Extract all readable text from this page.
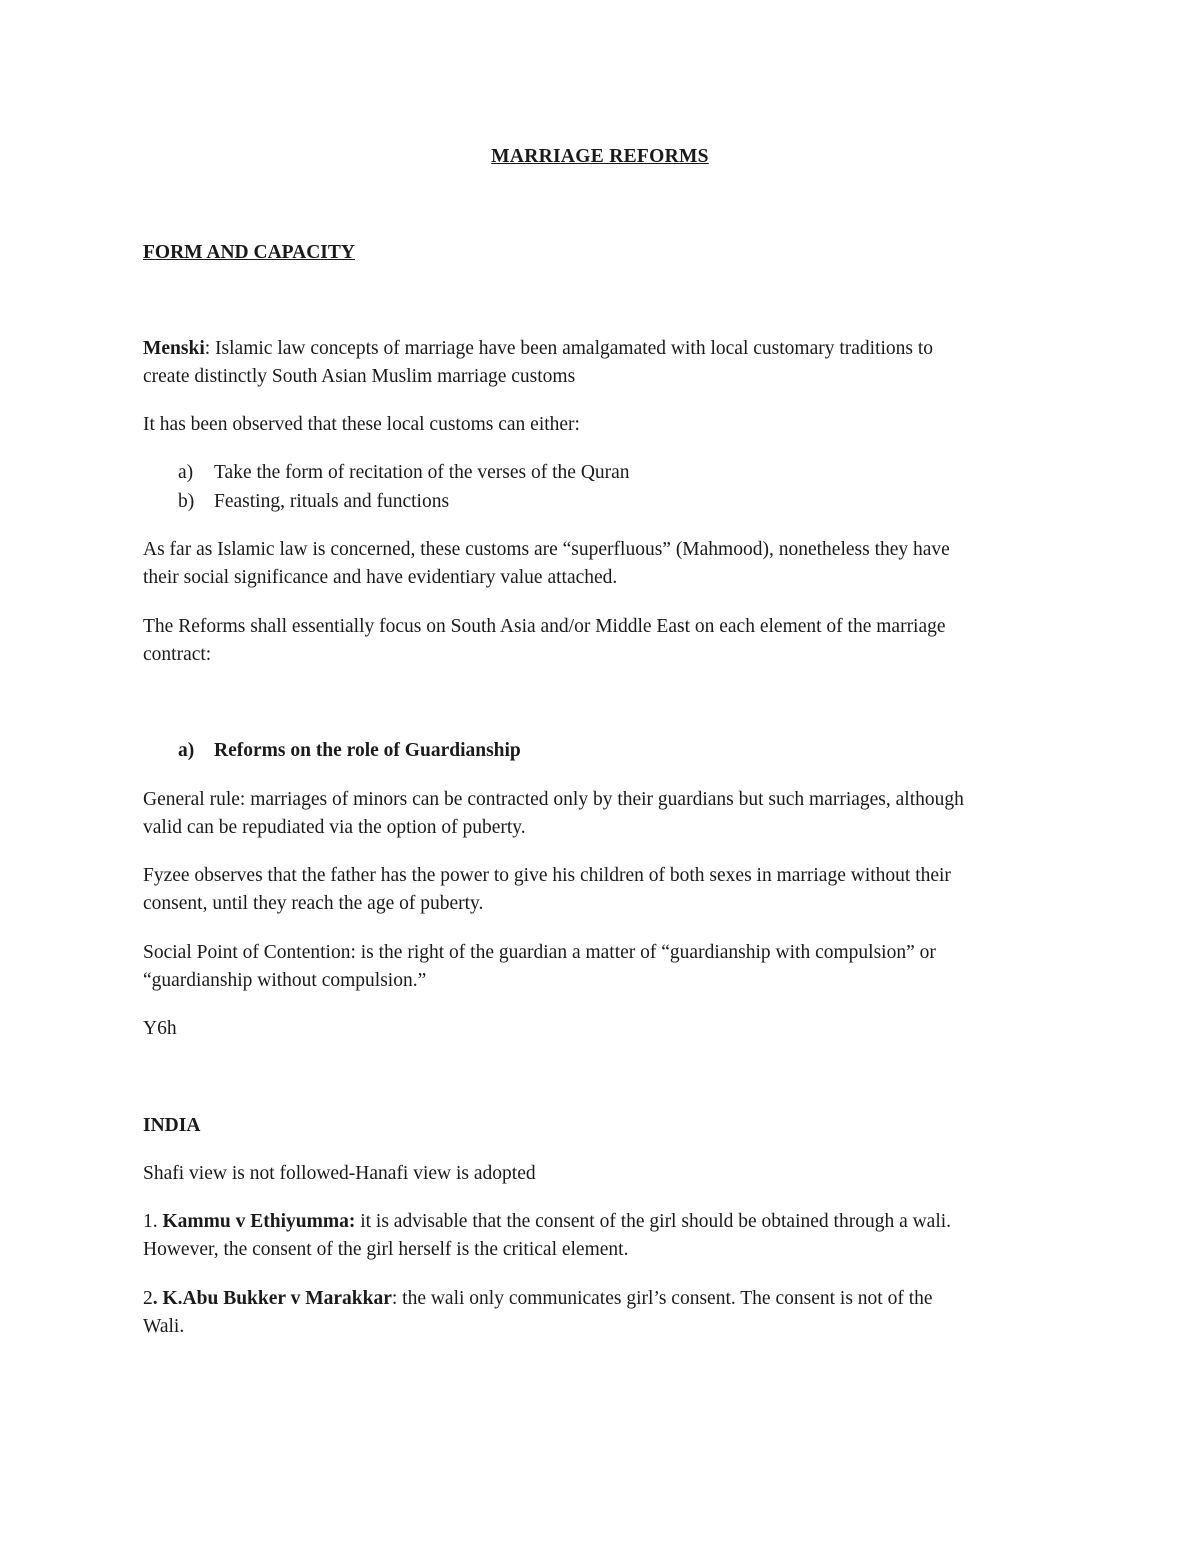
MARRIAGE REFORMS

FORM AND CAPACITY

Menski: Islamic law concepts of marriage have been amalgamated with local customary traditions to

create distinctly South Asian Muslim marriage customs

It has been observed that these local customs can either:

a) Take the form of recitation of the verses of the Quran

b) Feasting, rituals and functions

As far as Islamic law is concerned, these customs are “superfluous” (Mahmood), nonetheless they have

their social significance and have evidentiary value attached.

The Reforms shall essentially focus on South Asia and/or Middle East on each element of the marriage

contract:

a) Reforms on the role of Guardianship

General rule: marriages of minors can be contracted only by their guardians but such marriages, although

valid can be repudiated via the option of puberty.

Fyzee observes that the father has the power to give his children of both sexes in marriage without their

consent, until they reach the age of puberty.

Social Point of Contention: is the right of the guardian a matter of “guardianship with compulsion” or

“guardianship without compulsion.”

Y6h

INDIA

Shafi view is not followed-Hanafi view is adopted

1. Kammu v Ethiyumma: it is advisable that the consent of the girl should be obtained through a wali.

However, the consent of the girl herself is the critical element.

2. K.Abu Bukker v Marakkar: the wali only communicates girl’s consent. The consent is not of the

Wali.
